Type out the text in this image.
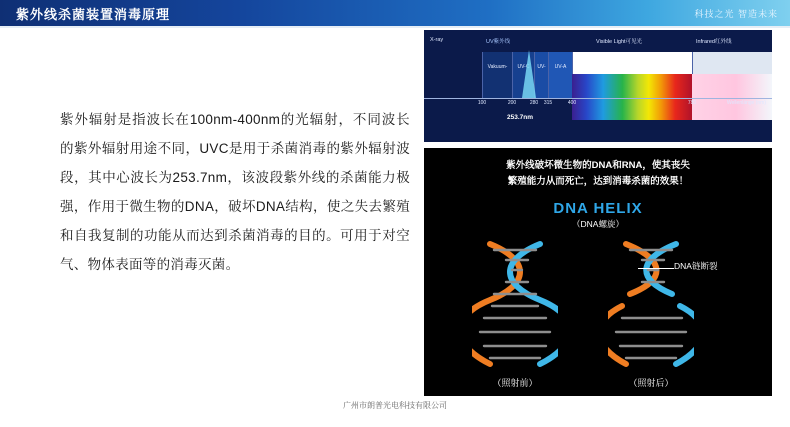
紫外线杀菌装置消毒原理	科技之光 智造未来
紫外辐射是指波长在100nm-400nm的光辐射，不同波长的紫外辐射用途不同，UVC是用于杀菌消毒的紫外辐射波段，其中心波长为253.7nm，该波段紫外线的杀菌能力极强，作用于微生物的DNA，破坏DNA结构，使之失去繁殖和自我复制的功能从而达到杀菌消毒的目的。可用于对空气、物体表面等的消毒灭菌。
X-ray	UV紫外线	Visible Light可见光	Infrared红外线
Vakuum-	UV-C	UV-	UV-A
100	200	280 315	400	780	Wellenlänge (nm)
253.7nm
紫外线破坏微生物的DNA和RNA，使其丧失
繁殖能力从而死亡，达到消毒杀菌的效果！
DNA HELIX
（DNA螺旋）
DNA链断裂
（照射前）	（照射后）
广州市朗普光电科技有限公司
